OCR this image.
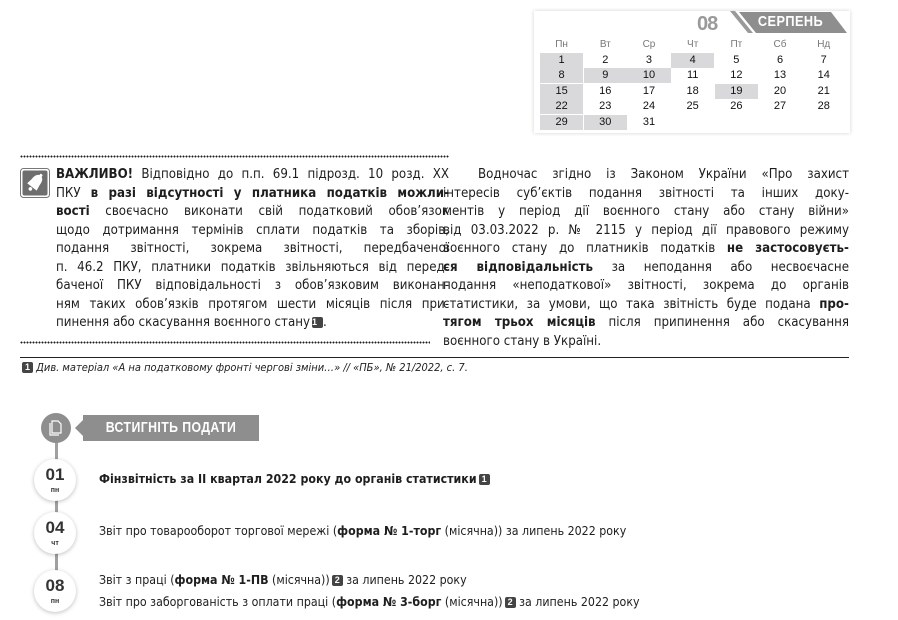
08	СЕРПЕНЬ
Пн	Вт	Ср	Чт	Пт	Сб	Нд
1	2	3	4	5	6	7
8	9	10	11	12	13	14
15	16	17	18	19	20	21
22	23	24	25	26	27	28
29	30	31
ВАЖЛИВО! Відповідно до п.п. 69.1 підрозд. 10 розд. ХХ
ПКУ в разі відсутності у платника податків можли-
вості своєчасно виконати свій податковий обов’язок
щодо дотримання термінів сплати податків та зборів,
подання звітності, зокрема звітності, передбаченої
п. 46.2 ПКУ, платники податків звільняються від перед-
баченої ПКУ відповідальності з обов’язковим виконан-
ням таких обов’язків протягом шести місяців після при-
пинення або скасування воєнного стану 1 .
Водночас згідно із Законом України «Про захист
інтересів суб’єктів подання звітності та інших доку-
ментів у період дії воєнного стану або стану війни»
від 03.03.2022 р. № 2115 у період дії правового режиму
воєнного стану до платників податків не застосовуєть-
ся відповідальність за неподання або несвоєчасне
подання «неподаткової» звітності, зокрема до органів
статистики, за умови, що така звітність буде подана про-
тягом трьох місяців після припинення або скасування
воєнного стану в Україні.
1 Див. матеріал «А на податковому фронті чергові зміни…» // «ПБ», № 21/2022, с. 7.
ВСТИГНІТЬ ПОДАТИ
01
пн
Фінзвітність за ІІ квартал 2022 року до органів статистики 1
04
чт
Звіт про товарооборот торгової мережі (форма № 1-торг (місячна)) за липень 2022 року
08
пн
Звіт з праці (форма № 1-ПВ (місячна)) 2 за липень 2022 року
Звіт про заборгованість з оплати праці (форма № 3-борг (місячна)) 2 за липень 2022 року
